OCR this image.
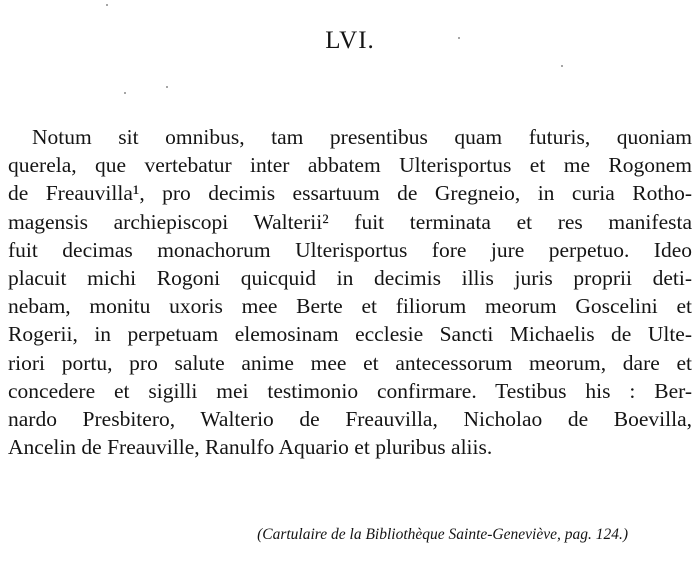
LVI.

Notum sit omnibus, tam presentibus quam futuris, quoniam
querela, que vertebatur inter abbatem Ulterisportus et me Rogonem
de Freauvilla¹, pro decimis essartuum de Gregneio, in curia Rotho-
magensis archiepiscopi Walterii² fuit terminata et res manifesta
fuit decimas monachorum Ulterisportus fore jure perpetuo. Ideo
placuit michi Rogoni quicquid in decimis illis juris proprii deti-
nebam, monitu uxoris mee Berte et filiorum meorum Goscelini et
Rogerii, in perpetuam elemosinam ecclesie Sancti Michaelis de Ulte-
riori portu, pro salute anime mee et antecessorum meorum, dare et
concedere et sigilli mei testimonio confirmare. Testibus his : Ber-
nardo Presbitero, Walterio de Freauvilla, Nicholao de Boevilla,
Ancelin de Freauville, Ranulfo Aquario et pluribus aliis.

(Cartulaire de la Bibliothèque Sainte-Geneviève, pag. 124.)
